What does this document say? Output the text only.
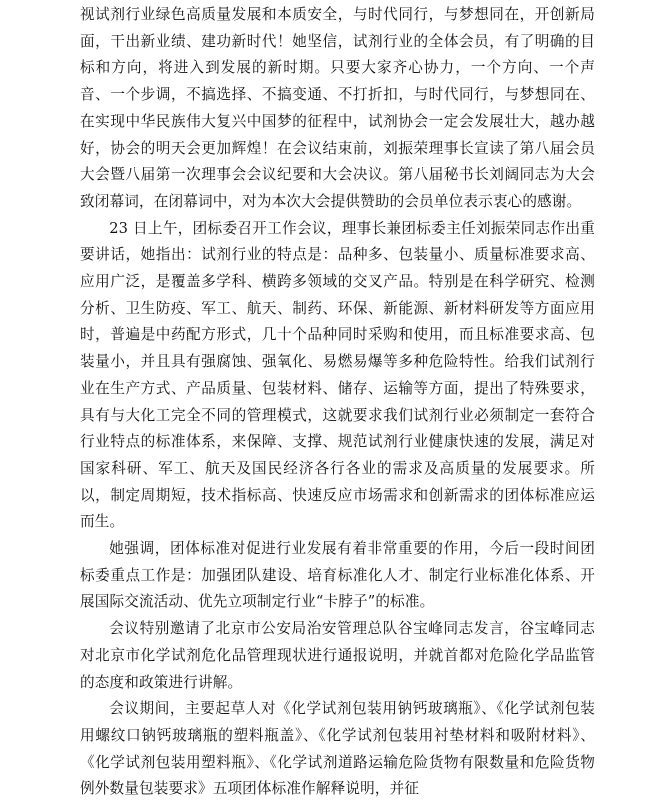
视试剂行业绿色高质量发展和本质安全，与时代同行，与梦想同在，开创新局面，干出新业绩、建功新时代！她坚信，试剂行业的全体会员，有了明确的目标和方向，将进入到发展的新时期。只要大家齐心协力，一个方向、一个声音、一个步调，不搞选择、不搞变通、不打折扣，与时代同行，与梦想同在、在实现中华民族伟大复兴中国梦的征程中，试剂协会一定会发展壮大，越办越好，协会的明天会更加辉煌！在会议结束前，刘振荣理事长宣读了第八届会员大会暨八届第一次理事会会议纪要和大会决议。第八届秘书长刘阔同志为大会致闭幕词，在闭幕词中，对为本次大会提供赞助的会员单位表示衷心的感谢。

23 日上午，团标委召开工作会议，理事长兼团标委主任刘振荣同志作出重要讲话，她指出：试剂行业的特点是：品种多、包装量小、质量标准要求高、应用广泛，是覆盖多学科、横跨多领域的交叉产品。特别是在科学研究、检测分析、卫生防疫、军工、航天、制药、环保、新能源、新材料研发等方面应用时，普遍是中药配方形式，几十个品种同时采购和使用，而且标准要求高、包装量小，并且具有强腐蚀、强氧化、易燃易爆等多种危险特性。给我们试剂行业在生产方式、产品质量、包装材料、储存、运输等方面，提出了特殊要求，具有与大化工完全不同的管理模式，这就要求我们试剂行业必须制定一套符合行业特点的标准体系，来保障、支撑、规范试剂行业健康快速的发展，满足对国家科研、军工、航天及国民经济各行各业的需求及高质量的发展要求。所以，制定周期短，技术指标高、快速反应市场需求和创新需求的团体标准应运而生。

她强调，团体标准对促进行业发展有着非常重要的作用，今后一段时间团标委重点工作是：加强团队建设、培育标准化人才、制定行业标准化体系、开展国际交流活动、优先立项制定行业“卡脖子”的标准。

会议特别邀请了北京市公安局治安管理总队谷宝峰同志发言，谷宝峰同志对北京市化学试剂危化品管理现状进行通报说明，并就首都对危险化学品监管的态度和政策进行讲解。

会议期间，主要起草人对《化学试剂包装用钠钙玻璃瓶》、《化学试剂包装用螺纹口钠钙玻璃瓶的塑料瓶盖》、《化学试剂包装用衬垫材料和吸附材料》、《化学试剂包装用塑料瓶》、《化学试剂道路运输危险货物有限数量和危险货物例外数量包装要求》五项团体标准作解释说明，并征
